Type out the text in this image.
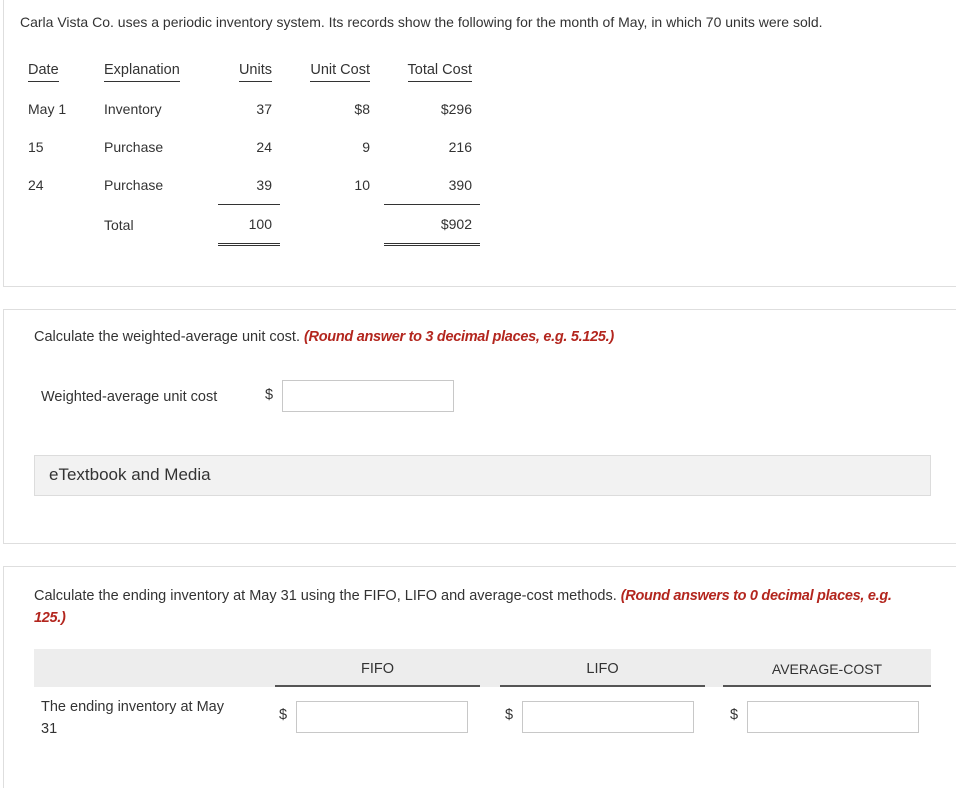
Carla Vista Co. uses a periodic inventory system. Its records show the following for the month of May, in which 70 units were sold.
Date	Explanation	Units	Unit Cost	Total Cost
May 1	Inventory	37	$8	$296
15	Purchase	24	9	216
24	Purchase	39	10	390
	Total	100		$902
Calculate the weighted-average unit cost. (Round answer to 3 decimal places, e.g. 5.125.)
Weighted-average unit cost	$
eTextbook and Media
Calculate the ending inventory at May 31 using the FIFO, LIFO and average-cost methods. (Round answers to 0 decimal places, e.g.
125.)
FIFO	LIFO	AVERAGE-COST
The ending inventory at May
31
$	$	$
